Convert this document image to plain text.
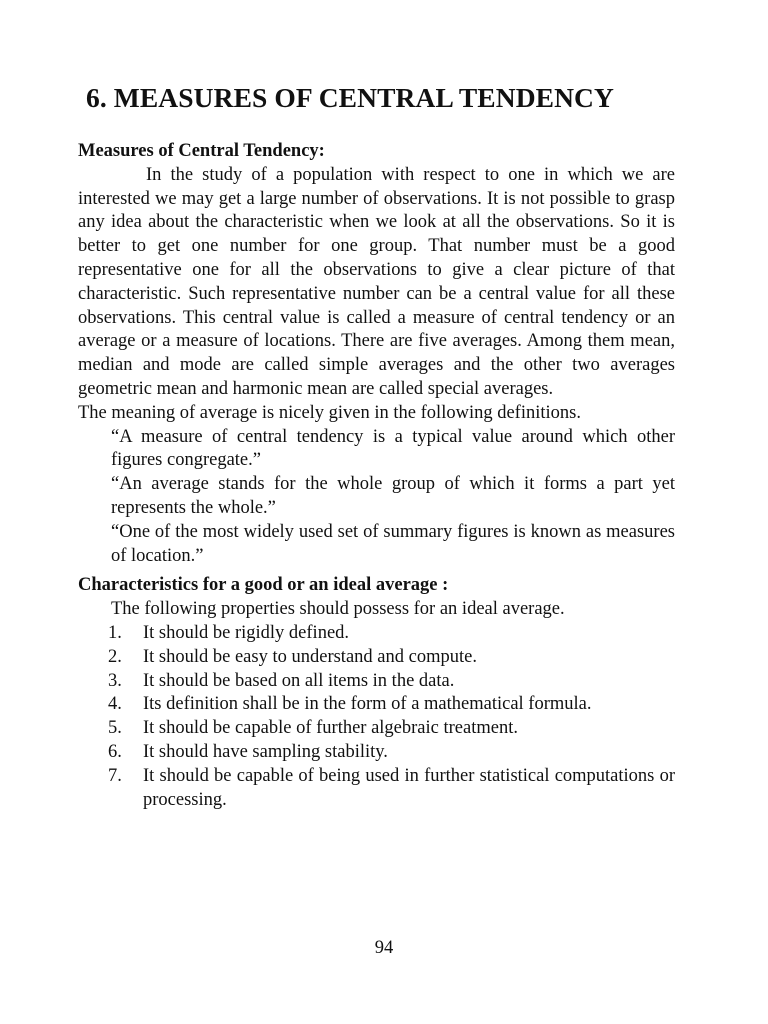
6. MEASURES OF CENTRAL TENDENCY
Measures of Central Tendency:

In the study of a population with respect to one in which we are interested we may get a large number of observations. It is not possible to grasp any idea about the characteristic when we look at all the observations. So it is better to get one number for one group. That number must be a good representative one for all the observations to give a clear picture of that characteristic. Such representative number can be a central value for all these observations. This central value is called a measure of central tendency or an average or a measure of locations. There are five averages. Among them mean, median and mode are called simple averages and the other two averages geometric mean and harmonic mean are called special averages.

The meaning of average is nicely given in the following definitions.

“A measure of central tendency is a typical value around which other figures congregate.”

“An average stands for the whole group of which it forms a part yet represents the whole.”

“One of the most widely used set of summary figures is known as measures of location.”

Characteristics for a good or an ideal average :

The following properties should possess for an ideal average.

1. It should be rigidly defined.
2. It should be easy to understand and compute.
3. It should be based on all items in the data.
4. Its definition shall be in the form of a mathematical formula.
5. It should be capable of further algebraic treatment.
6. It should have sampling stability.
7. It should be capable of being used in further statistical computations or processing.
94
